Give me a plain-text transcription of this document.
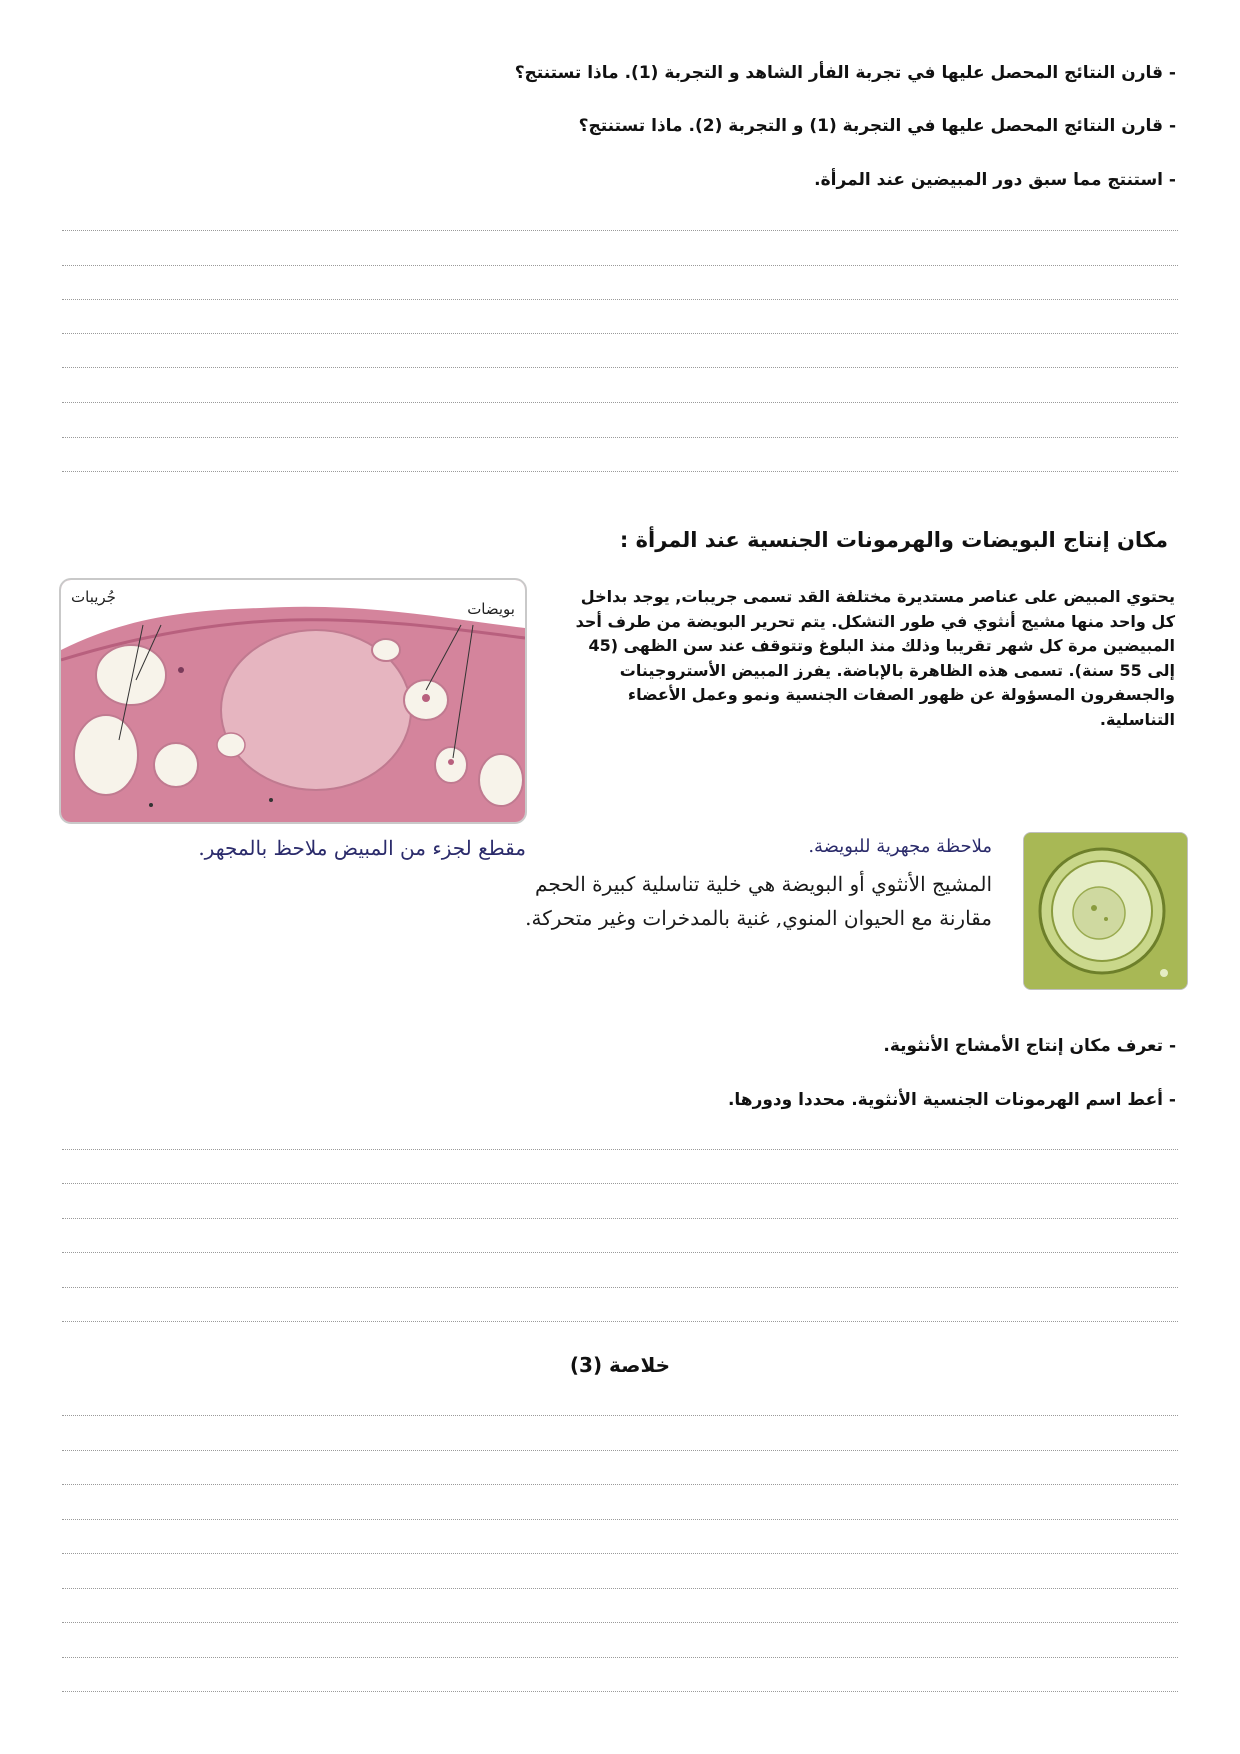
- قارن النتائج المحصل عليها في تجربة الفأر الشاهد و التجربة (1). ماذا تستنتج؟
- قارن النتائج المحصل عليها في التجربة (1) و التجربة (2). ماذا تستنتج؟
- استنتج مما سبق دور المبيضين عند المرأة.
مكان إنتاج البويضات والهرمونات الجنسية عند المرأة :
يحتوي المبيض على عناصر مستديرة مختلفة القد تسمى جريبات, يوجد بداخل
كل واحد منها مشيج أنثوي في طور التشكل. يتم تحرير البويضة من طرف أحد
المبيضين مرة كل شهر تقريبا وذلك منذ البلوغ وتتوقف عند سن الظهى (45
إلى 55 سنة). تسمى هذه الظاهرة بالإباضة. يفرز المبيض الأستروجينات
والجسفرون المسؤولة عن ظهور الصفات الجنسية ونمو وعمل الأعضاء
التناسلية.
جُريبات
بويضات
مقطع لجزء من المبيض ملاحظ بالمجهر.	ملاحظة مجهرية للبويضة.
المشيج الأنثوي أو البويضة هي خلية تناسلية كبيرة الحجم
مقارنة مع الحيوان المنوي, غنية بالمدخرات وغير متحركة.
- تعرف مكان إنتاج الأمشاج الأنثوية.
- أعط اسم الهرمونات الجنسية الأنثوية. محددا ودورها.
خلاصة (3)
